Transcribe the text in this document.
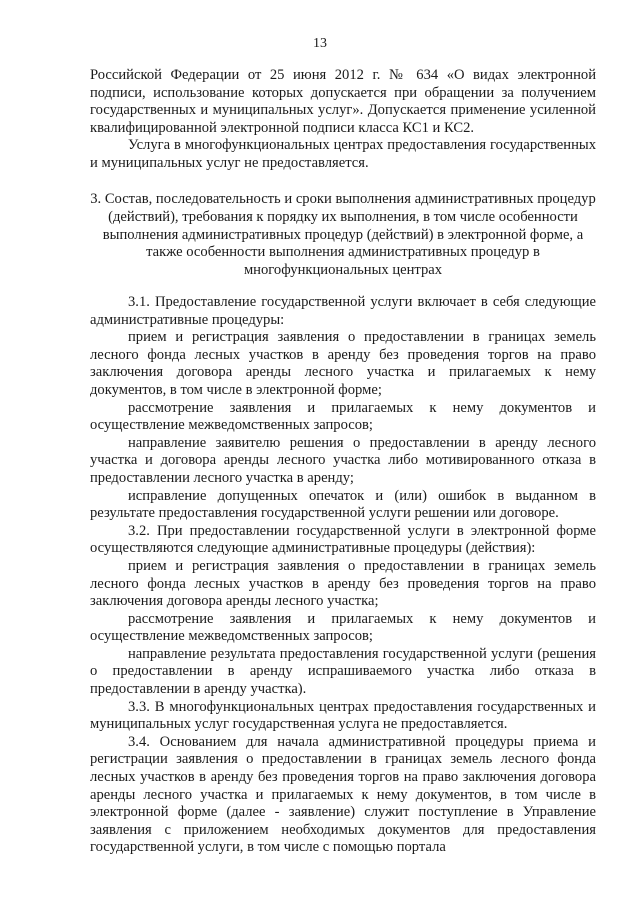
13

Российской Федерации от 25 июня 2012 г. № 634 «О видах электронной подписи, использование которых допускается при обращении за получением государственных и муниципальных услуг». Допускается применение усиленной квалифицированной электронной подписи класса КС1 и КС2.

Услуга в многофункциональных центрах предоставления государственных и муниципальных услуг не предоставляется.

3. Состав, последовательность и сроки выполнения административных процедур (действий), требования к порядку их выполнения, в том числе особенности выполнения административных процедур (действий) в электронной форме, а также особенности выполнения административных процедур в многофункциональных центрах

3.1. Предоставление государственной услуги включает в себя следующие административные процедуры:

прием и регистрация заявления о предоставлении в границах земель лесного фонда лесных участков в аренду без проведения торгов на право заключения договора аренды лесного участка и прилагаемых к нему документов, в том числе в электронной форме;

рассмотрение заявления и прилагаемых к нему документов и осуществление межведомственных запросов;

направление заявителю решения о предоставлении в аренду лесного участка и договора аренды лесного участка либо мотивированного отказа в предоставлении лесного участка в аренду;

исправление допущенных опечаток и (или) ошибок в выданном в результате предоставления государственной услуги решении или договоре.

3.2. При предоставлении государственной услуги в электронной форме осуществляются следующие административные процедуры (действия):

прием и регистрация заявления о предоставлении в границах земель лесного фонда лесных участков в аренду без проведения торгов на право заключения договора аренды лесного участка;

рассмотрение заявления и прилагаемых к нему документов и осуществление межведомственных запросов;

направление результата предоставления государственной услуги (решения о предоставлении в аренду испрашиваемого участка либо отказа в предоставлении в аренду участка).

3.3. В многофункциональных центрах предоставления государственных и муниципальных услуг государственная услуга не предоставляется.

3.4. Основанием для начала административной процедуры приема и регистрации заявления о предоставлении в границах земель лесного фонда лесных участков в аренду без проведения торгов на право заключения договора аренды лесного участка и прилагаемых к нему документов, в том числе в электронной форме (далее - заявление) служит поступление в Управление заявления с приложением необходимых документов для предоставления государственной услуги, в том числе с помощью портала
